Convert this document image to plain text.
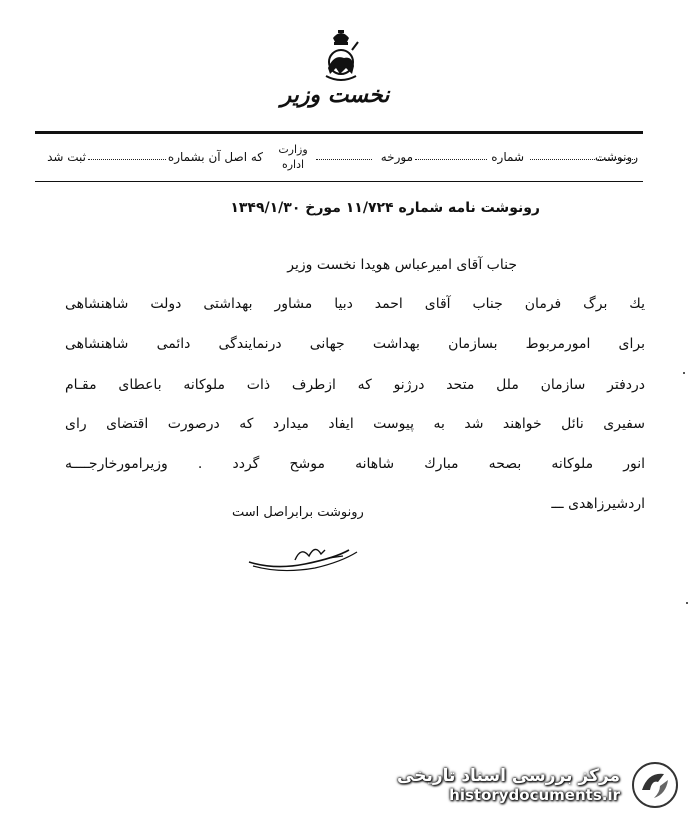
نخست وزیر
رونوشت
شماره
مورخه
وزارت
اداره
که اصل آن بشماره
ثبت شد
رونوشت نامه شماره ۱۱/۷۲۴ مورخ ۱۳۴۹/۱/۳۰
جناب آقای امیرعباس هویدا نخست وزیر
یك برگ فرمان جناب آقای احمد دبیا مشاور بهداشتی دولت شاهنشاهی
برای امورمربوط بسازمان بهداشت جهانی درنمایندگی دائمی شاهنشاهی
دردفتر سازمان ملل متحد درژنو که ازطرف ذات ملوکانه باعطای مقـام
سفیری نائل خواهند شد به پیوست ایفاد میدارد که درصورت اقتضای رای
انور ملوکانه بصحه مبارك شاهانه موشح گردد . وزیرامورخارجــــه
اردشیرزاهدی ـــ
رونوشت برابراصل است
مرکز بررسی اسناد تاریخی
historydocuments.ir
